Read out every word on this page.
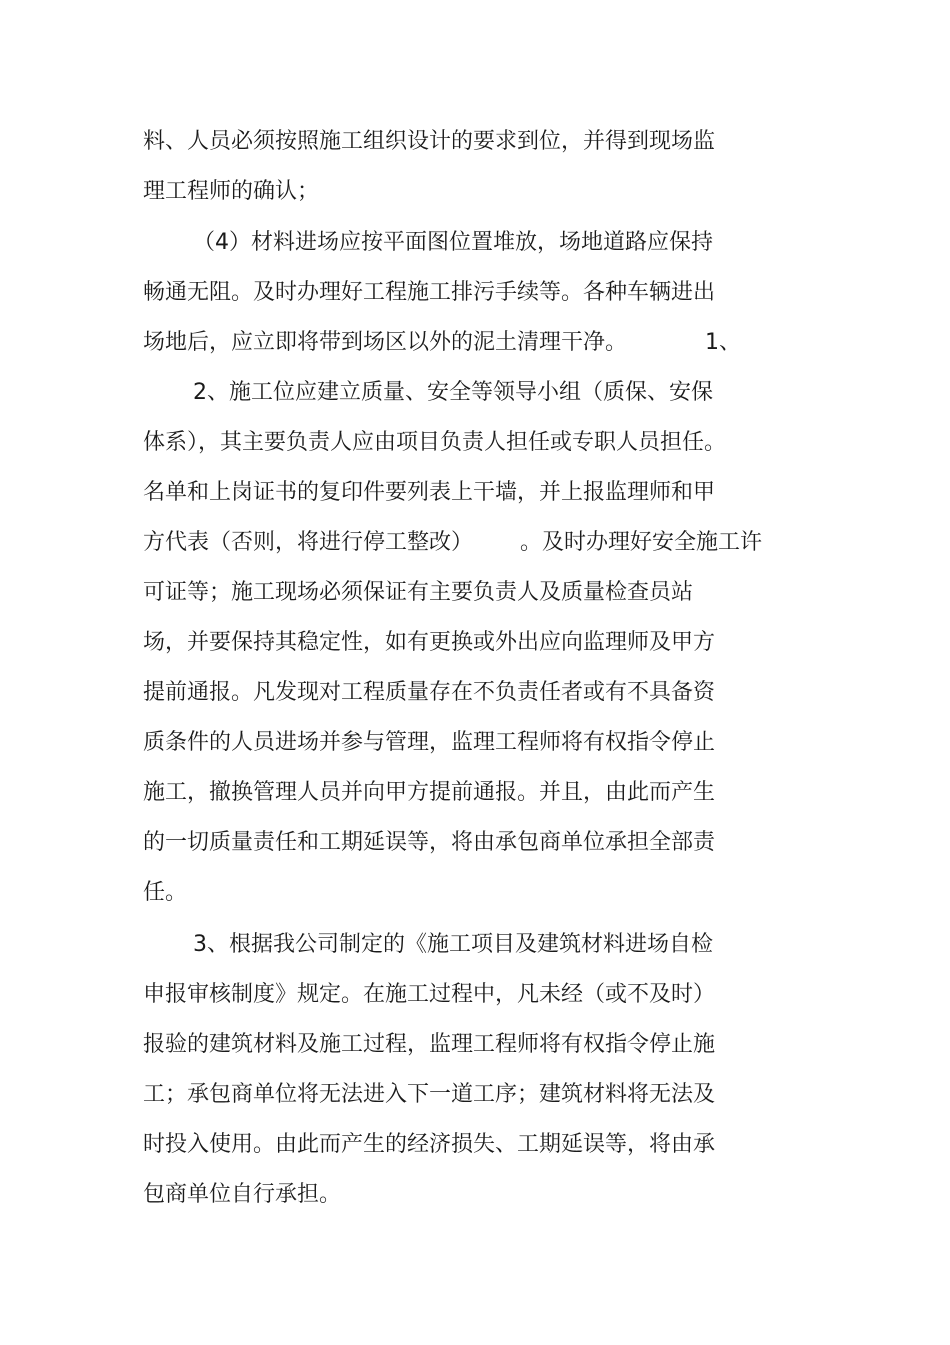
料、人员必须按照施工组织设计的要求到位，并得到现场监
理工程师的确认；
（4）材料进场应按平面图位置堆放，场地道路应保持
畅通无阻。及时办理好工程施工排污手续等。各种车辆进出
场地后，应立即将带到场区以外的泥土清理干净。	1、
2、施工位应建立质量、安全等领导小组（质保、安保
体系），其主要负责人应由项目负责人担任或专职人员担任。
名单和上岗证书的复印件要列表上干墙，并上报监理师和甲
方代表（否则，将进行停工整改） 。及时办理好安全施工许
可证等；施工现场必须保证有主要负责人及质量检查员站
场，并要保持其稳定性，如有更换或外出应向监理师及甲方
提前通报。凡发现对工程质量存在不负责任者或有不具备资
质条件的人员进场并参与管理，监理工程师将有权指令停止
施工，撤换管理人员并向甲方提前通报。并且，由此而产生
的一切质量责任和工期延误等，将由承包商单位承担全部责
任。
3、根据我公司制定的《施工项目及建筑材料进场自检
申报审核制度》规定。在施工过程中，凡未经（或不及时）
报验的建筑材料及施工过程，监理工程师将有权指令停止施
工；承包商单位将无法进入下一道工序；建筑材料将无法及
时投入使用。由此而产生的经济损失、工期延误等，将由承
包商单位自行承担。
